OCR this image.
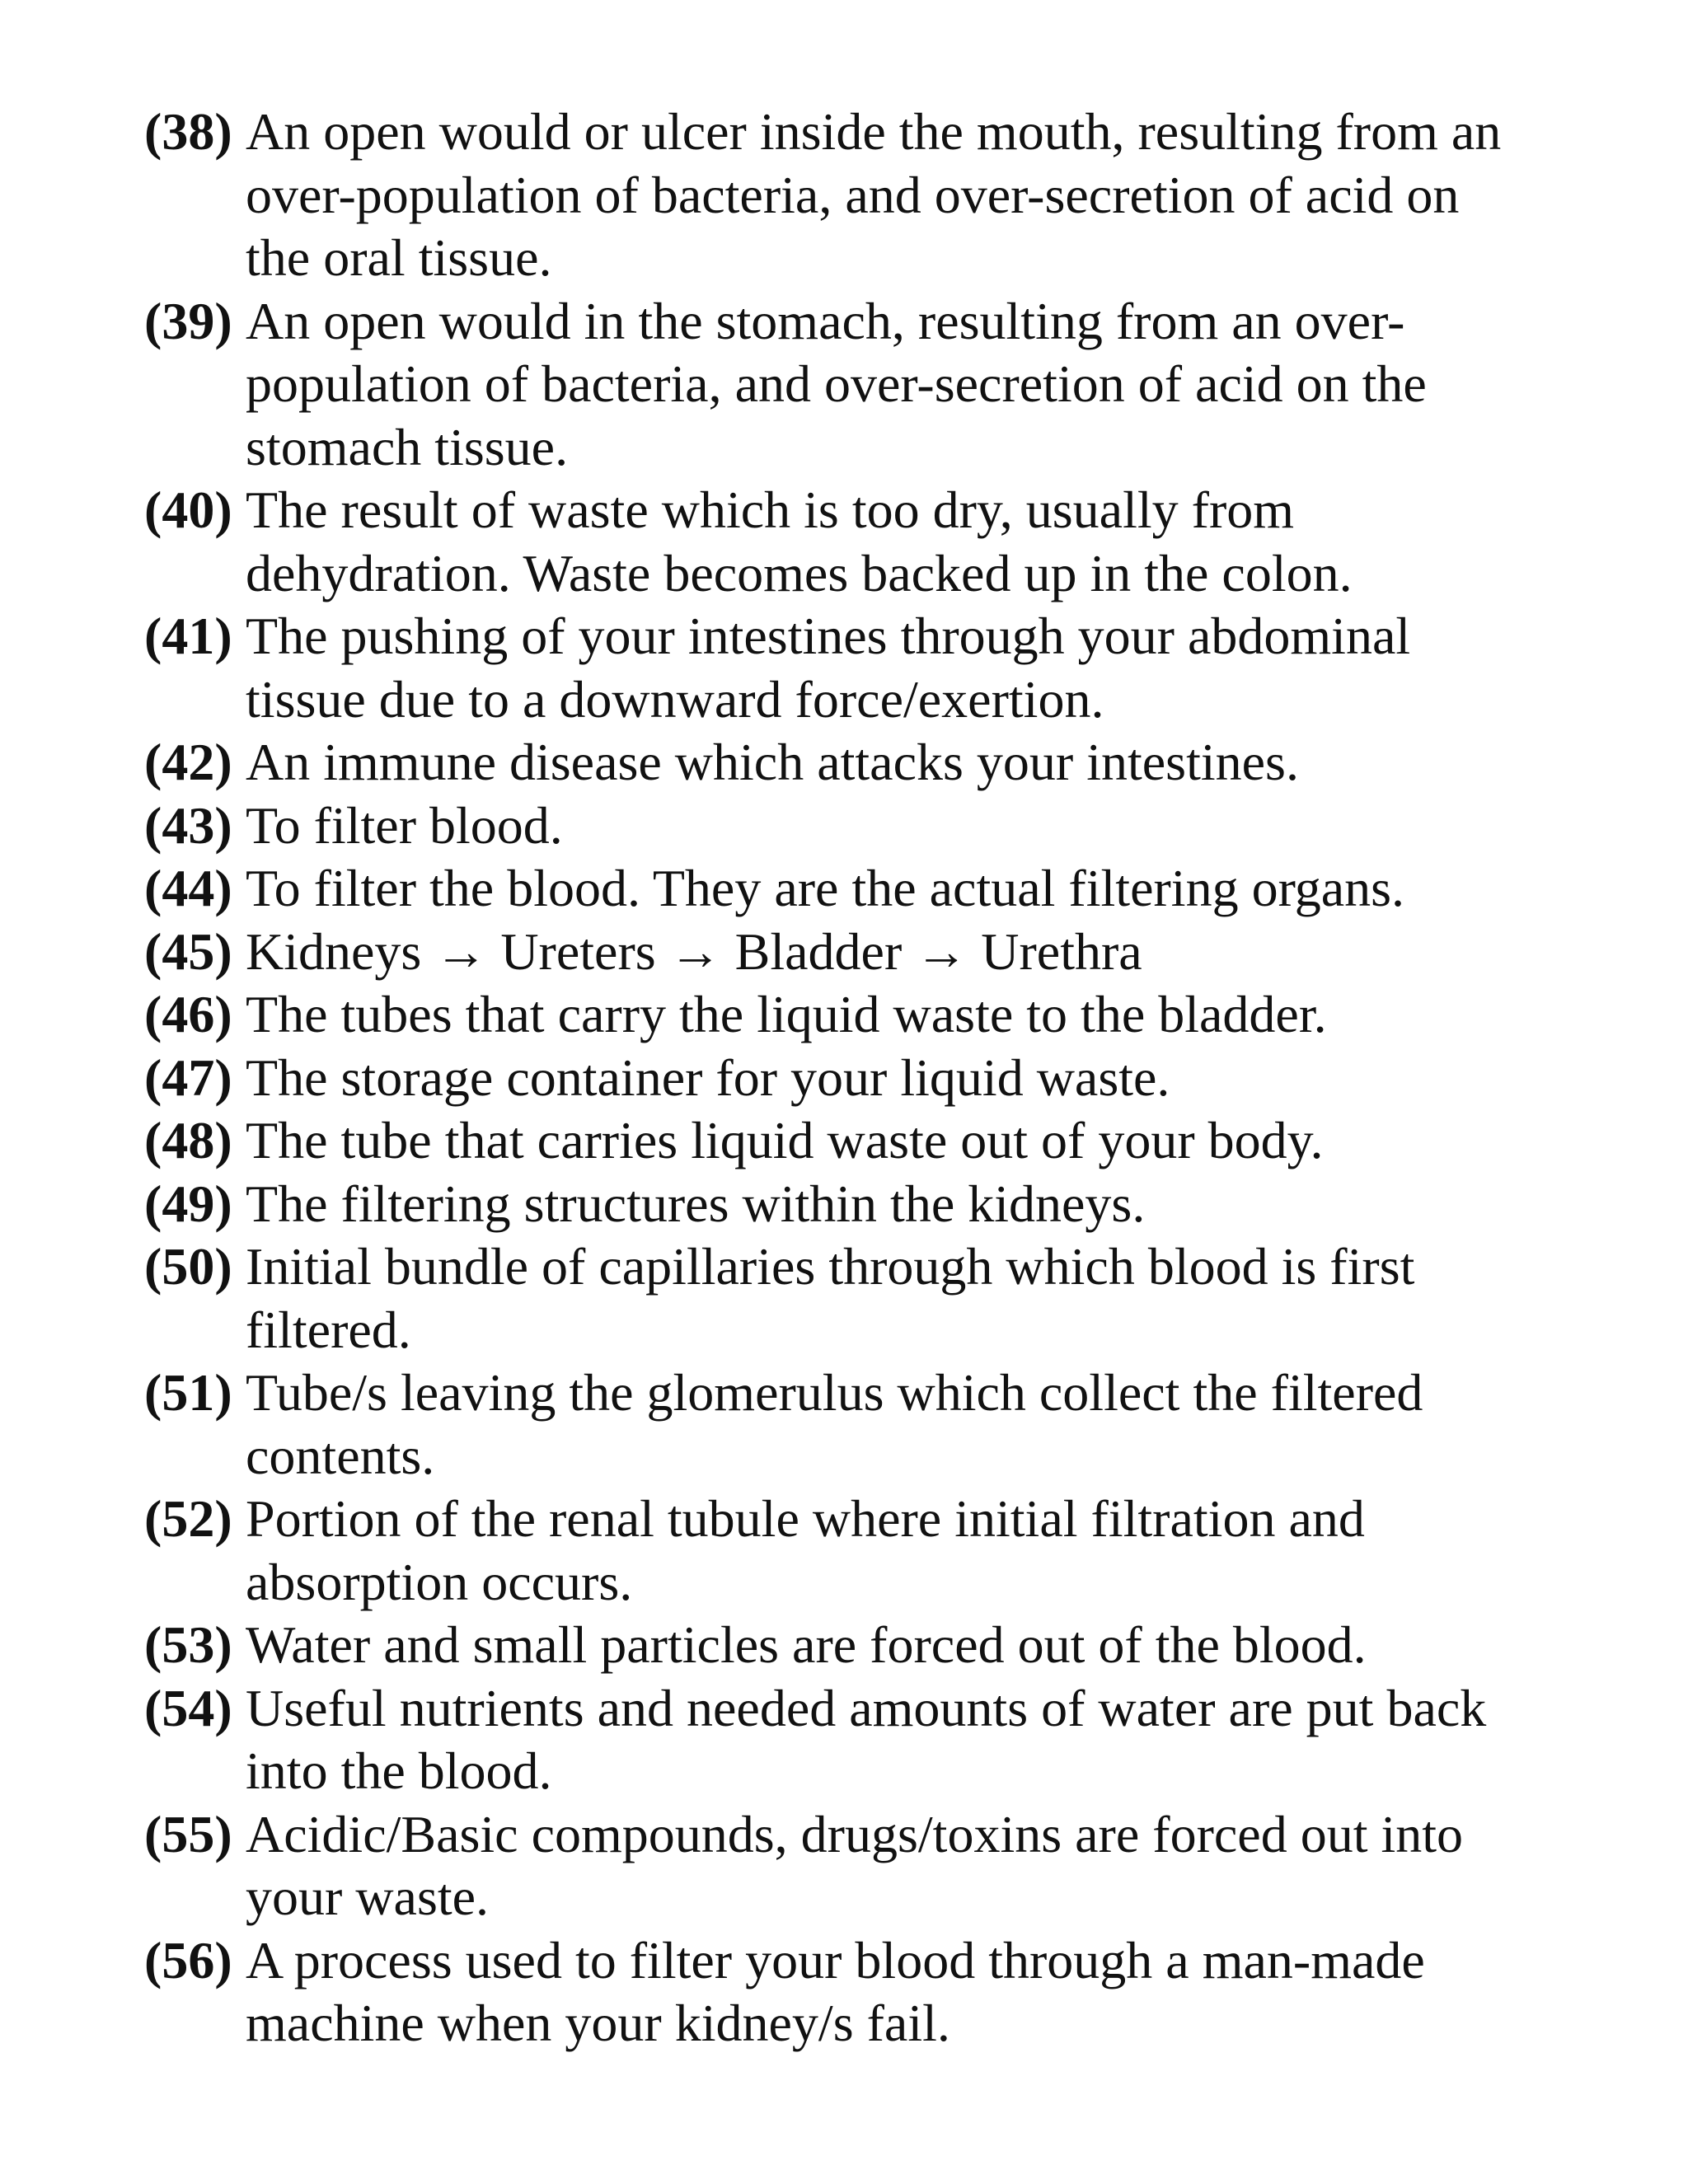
(38) An open would or ulcer inside the mouth, resulting from an
over-population of bacteria, and over-secretion of acid on
the oral tissue.
(39) An open would in the stomach, resulting from an over-
population of bacteria, and over-secretion of acid on the
stomach tissue.
(40) The result of waste which is too dry, usually from
dehydration. Waste becomes backed up in the colon.
(41) The pushing of your intestines through your abdominal
tissue due to a downward force/exertion.
(42) An immune disease which attacks your intestines.
(43) To filter blood.
(44) To filter the blood. They are the actual filtering organs.
(45) Kidneys → Ureters → Bladder → Urethra
(46) The tubes that carry the liquid waste to the bladder.
(47) The storage container for your liquid waste.
(48) The tube that carries liquid waste out of your body.
(49) The filtering structures within the kidneys.
(50) Initial bundle of capillaries through which blood is first
filtered.
(51) Tube/s leaving the glomerulus which collect the filtered
contents.
(52) Portion of the renal tubule where initial filtration and
absorption occurs.
(53) Water and small particles are forced out of the blood.
(54) Useful nutrients and needed amounts of water are put back
into the blood.
(55) Acidic/Basic compounds, drugs/toxins are forced out into
your waste.
(56) A process used to filter your blood through a man-made
machine when your kidney/s fail.
